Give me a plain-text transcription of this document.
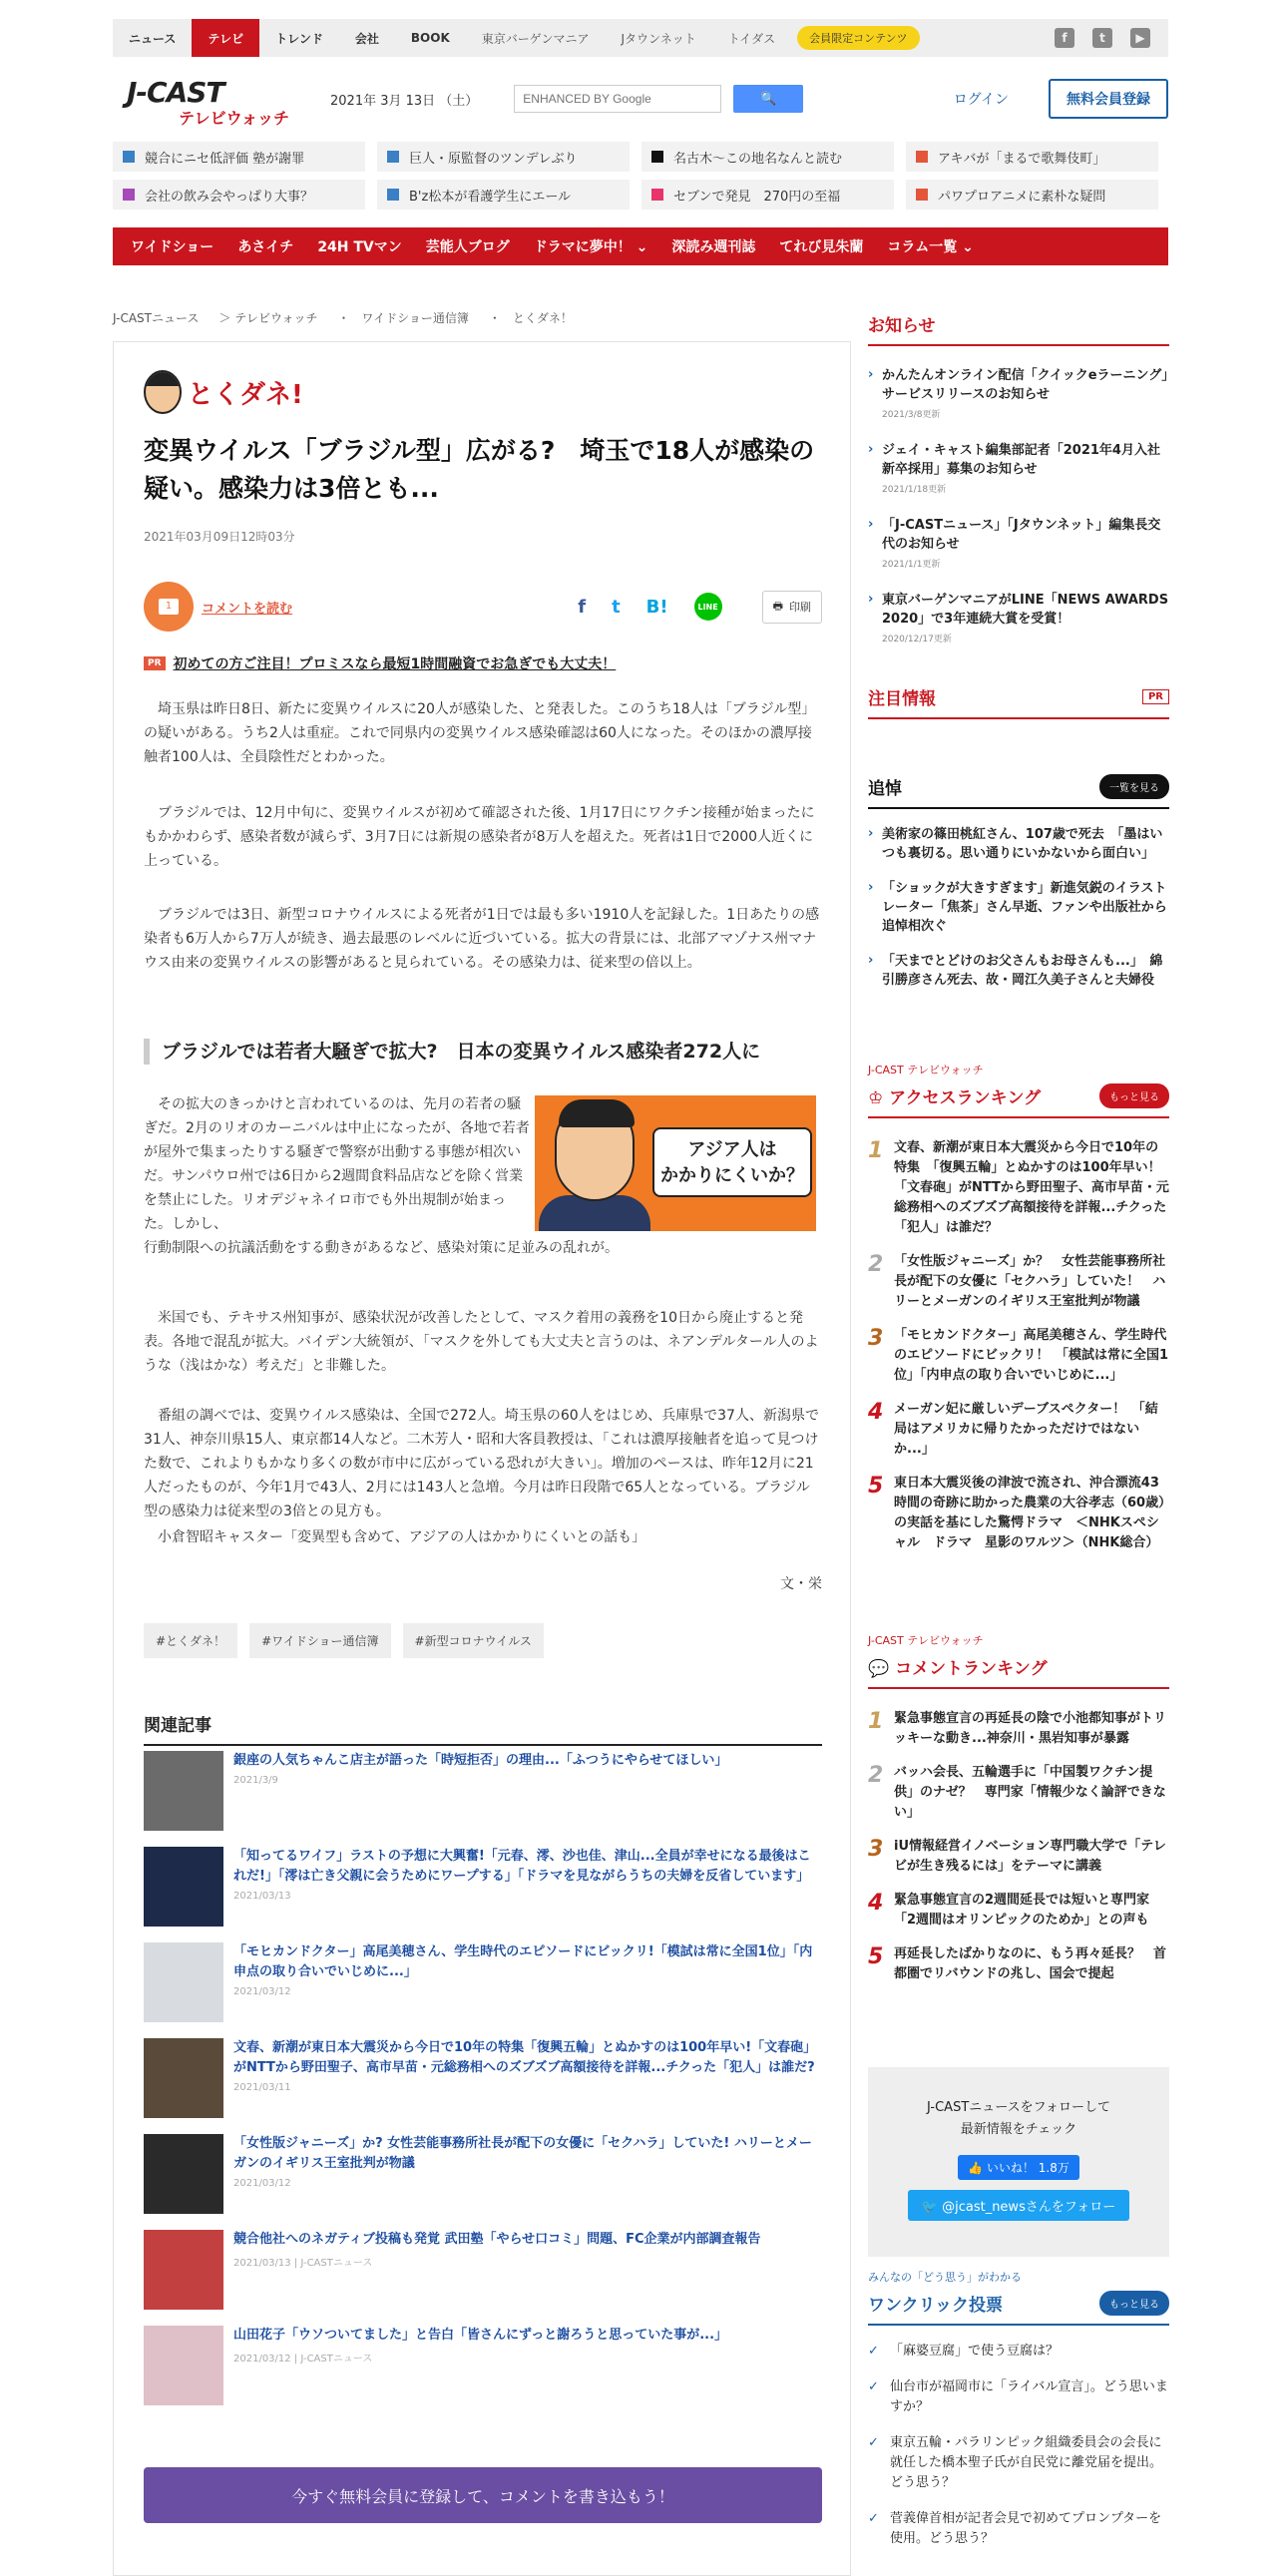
ニュース	テレビ	トレンド	会社	BOOK	東京バーゲンマニア	Jタウンネット	トイダス	会員限定コンテンツ	f	t	▶
J-CAST
テレビウォッチ
2021年 3月 13日 （土）
ENHANCED BY Google	🔍	ログイン	無料会員登録
競合にニセ低評価 塾が謝罪	巨人・原監督のツンデレぶり	名古木～この地名なんと読む	アキバが「まるで歌舞伎町」
会社の飲み会やっぱり大事？	B'z松本が看護学生にエール	セブンで発見　270円の至福	パワプロアニメに素朴な疑問
ワイドショー	あさイチ	24H TVマン	芸能人ブログ	ドラマに夢中！ ⌄	深読み週刊誌	てれび見朱蘭	コラム一覧 ⌄
J-CASTニュース ＞ テレビウォッチ ・　ワイドショー通信簿 ・　とくダネ！
とくダネ!
変異ウイルス「ブラジル型」広がる?　埼玉で18人が感染の疑い。感染力は3倍とも...
2021年03月09日12時03分
1	コメントを読む	f t B!	LINE	🖶 印刷
PR 初めての方ご注目！プロミスなら最短1時間融資でお急ぎでも大丈夫！

埼玉県は昨日8日、新たに変異ウイルスに20人が感染した、と発表した。このうち18人は「ブラジル型」の疑いがある。うち2人は重症。これで同県内の変異ウイルス感染確認は60人になった。そのほかの濃厚接触者100人は、全員陰性だとわかった。

ブラジルでは、12月中旬に、変異ウイルスが初めて確認された後、1月17日にワクチン接種が始まったにもかかわらず、感染者数が減らず、3月7日には新規の感染者が8万人を超えた。死者は1日で2000人近くに上っている。

ブラジルでは3日、新型コロナウイルスによる死者が1日では最も多い1910人を記録した。1日あたりの感染者も6万人から7万人が続き、過去最悪のレベルに近づいている。拡大の背景には、北部アマゾナス州マナウス由来の変異ウイルスの影響があると見られている。その感染力は、従来型の倍以上。

ブラジルでは若者大騒ぎで拡大?　日本の変異ウイルス感染者272人に

その拡大のきっかけと言われているのは、先月の若者の騒ぎだ。2月のリオのカーニバルは中止になったが、各地で若者が屋外で集まったりする騒ぎで警察が出動する事態が相次いだ。サンパウロ州では6日から2週間食料品店などを除く営業を禁止にした。リオデジャネイロ市でも外出規制が始まった。しかし、

アジア人は
かかりにくいか？

行動制限への抗議活動をする動きがあるなど、感染対策に足並みの乱れが。

米国でも、テキサス州知事が、感染状況が改善したとして、マスク着用の義務を10日から廃止すると発表。各地で混乱が拡大。バイデン大統領が、「マスクを外しても大丈夫と言うのは、ネアンデルタール人のような（浅はかな）考えだ」と非難した。

番組の調べでは、変異ウイルス感染は、全国で272人。埼玉県の60人をはじめ、兵庫県で37人、新潟県で31人、神奈川県15人、東京都14人など。二木芳人・昭和大客員教授は、「これは濃厚接触者を追って見つけた数で、これよりもかなり多くの数が市中に広がっている恐れが大きい」。増加のペースは、昨年12月に21人だったものが、今年1月で43人、2月には143人と急増。今月は昨日段階で65人となっている。ブラジル型の感染力は従来型の3倍との見方も。

小倉智昭キャスター「変異型も含めて、アジアの人はかかりにくいとの話も」

文・栄
#とくダネ！	#ワイドショー通信簿	#新型コロナウイルス
関連記事
銀座の人気ちゃんこ店主が語った「時短拒否」の理由...「ふつうにやらせてほしい」
2021/3/9
「知ってるワイフ」ラストの予想に大興奮!「元春、澪、沙也佳、津山...全員が幸せになる最後はこれだ!」「澪は亡き父親に会うためにワープする」「ドラマを見ながらうちの夫婦を反省しています」
2021/03/13
「モヒカンドクター」高尾美穂さん、学生時代のエピソードにビックリ!「模試は常に全国1位」「内申点の取り合いでいじめに...」
2021/03/12
文春、新潮が東日本大震災から今日で10年の特集「復興五輪」とぬかすのは100年早い!「文春砲」がNTTから野田聖子、高市早苗・元総務相へのズブズブ高額接待を詳報...チクった「犯人」は誰だ?
2021/03/11
「女性版ジャニーズ」か? 女性芸能事務所社長が配下の女優に「セクハラ」していた! ハリーとメーガンのイギリス王室批判が物議
2021/03/12
競合他社へのネガティブ投稿も発覚 武田塾「やらせ口コミ」問題、FC企業が内部調査報告
2021/03/13 | J-CASTニュース
山田花子「ウソついてました」と告白「皆さんにずっと謝ろうと思っていた事が...」
2021/03/12 | J-CASTニュース
今すぐ無料会員に登録して、コメントを書き込もう！
お知らせ
› かんたんオンライン配信「クイックeラーニング」サービスリリースのお知らせ
2021/3/8更新
› ジェイ・キャスト編集部記者「2021年4月入社新卒採用」募集のお知らせ
2021/1/18更新
› 「J-CASTニュース」「Jタウンネット」編集長交代のお知らせ
2021/1/1更新
› 東京バーゲンマニアがLINE「NEWS AWARDS 2020」で3年連続大賞を受賞！
2020/12/17更新
注目情報	PR
追悼	一覧を見る
› 美術家の篠田桃紅さん、107歳で死去　「墨はいつも裏切る。思い通りにいかないから面白い」
› 「ショックが大きすぎます」新進気鋭のイラストレーター「焦茶」さん早逝、ファンや出版社から追悼相次ぐ
› 「天までとどけのお父さんもお母さんも...」　綿引勝彦さん死去、故・岡江久美子さんと夫婦役
J-CAST テレビウォッチ
♔ アクセスランキング	もっと見る
1 文春、新潮が東日本大震災から今日で10年の特集　「復興五輪」とぬかすのは100年早い！　「文春砲」がNTTから野田聖子、高市早苗・元総務相へのズブズブ高額接待を詳報...チクった「犯人」は誰だ？
2 「女性版ジャニーズ」か？　女性芸能事務所社長が配下の女優に「セクハラ」していた！　ハリーとメーガンのイギリス王室批判が物議
3 「モヒカンドクター」高尾美穂さん、学生時代のエピソードにビックリ！　「模試は常に全国1位」「内申点の取り合いでいじめに...」
4 メーガン妃に厳しいデーブスペクター！　「結局はアメリカに帰りたかっただけではないか...」
5 東日本大震災後の津波で流され、沖合漂流43時間の奇跡に助かった農業の大谷孝志（60歳）の実話を基にした驚愕ドラマ　＜NHKスペシャル　ドラマ　星影のワルツ＞（NHK総合）
J-CAST テレビウォッチ
💬 コメントランキング
1 緊急事態宣言の再延長の陰で小池都知事がトリッキーな動き...神奈川・黒岩知事が暴露
2 バッハ会長、五輪選手に「中国製ワクチン提供」のナゼ？　専門家「情報少なく論評できない」
3 iU情報経営イノベーション専門職大学で「テレビが生き残るには」をテーマに講義
4 緊急事態宣言の2週間延長では短いと専門家　「2週間はオリンピックのためか」との声も
5 再延長したばかりなのに、もう再々延長？　首都圏でリバウンドの兆し、国会で提起
J-CASTニュースをフォローして
最新情報をチェック
👍 いいね！ 1.8万
🐦 @jcast_newsさんをフォロー
みんなの「どう思う」がわかる
ワンクリック投票	もっと見る
✓ 「麻婆豆腐」で使う豆腐は？
✓ 仙台市が福岡市に「ライバル宣言」。どう思いますか？
✓ 東京五輪・パラリンピック組織委員会の会長に就任した橋本聖子氏が自民党に離党届を提出。どう思う？
✓ 菅義偉首相が記者会見で初めてプロンプターを使用。どう思う？
